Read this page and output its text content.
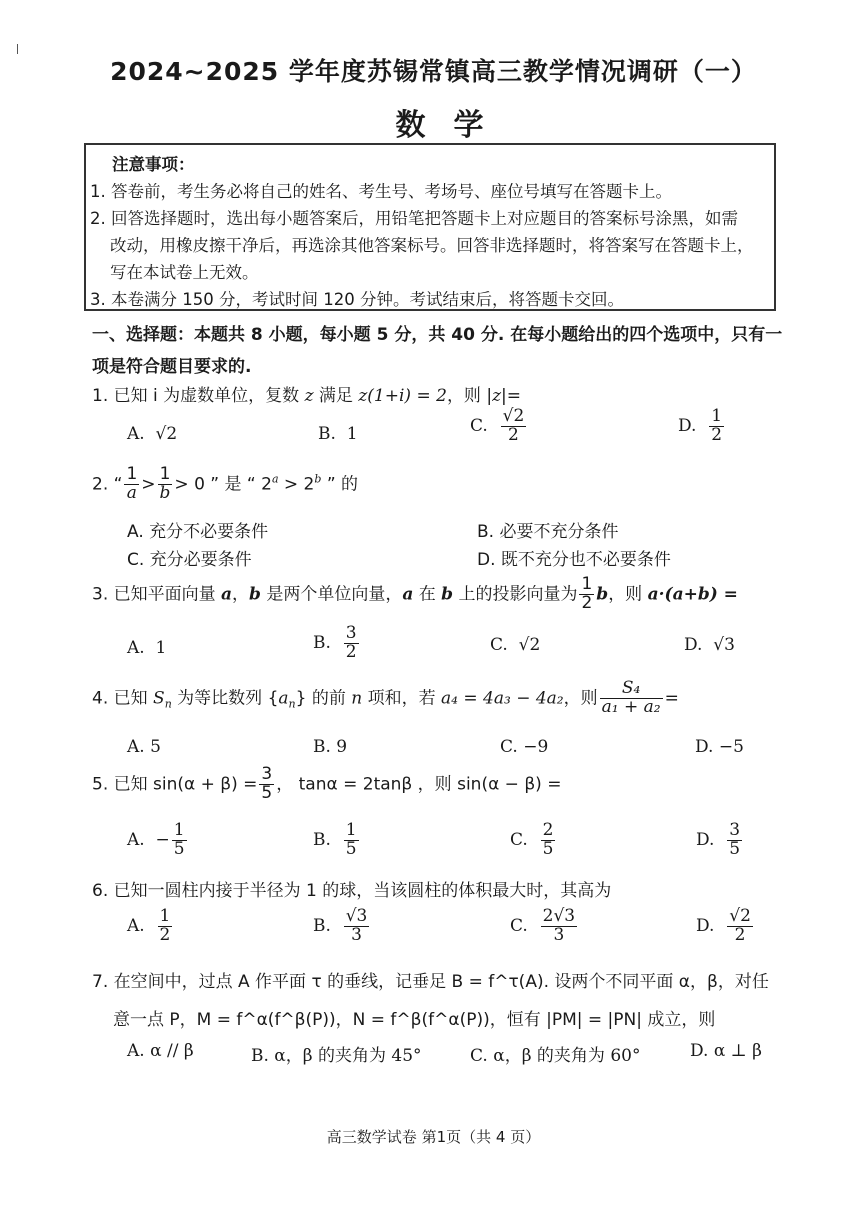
2024~2025 学年度苏锡常镇高三教学情况调研（一）
数学
注意事项：
1. 答卷前，考生务必将自己的姓名、考生号、考场号、座位号填写在答题卡上。
2. 回答选择题时，选出每小题答案后，用铅笔把答题卡上对应题目的答案标号涂黑，如需
改动，用橡皮擦干净后，再选涂其他答案标号。回答非选择题时，将答案写在答题卡上，
写在本试卷上无效。
3. 本卷满分 150 分，考试时间 120 分钟。考试结束后，将答题卡交回。
一、选择题：本题共 8 小题，每小题 5 分，共 40 分. 在每小题给出的四个选项中，只有一
项是符合题目要求的.
1. 已知 i 为虚数单位，复数 z 满足 z(1+i) = 2，则 |z|=
A. √2	B. 1	C. $\frac{√2}{2}$	D. $\frac{1}{2}$
2. “ $\frac{1}{a} > \frac{1}{b} > 0$ ” 是 “ $2^a > 2^b$ ” 的
A. 充分不必要条件	B. 必要不充分条件
C. 充分必要条件	D. 既不充分也不必要条件
3. 已知平面向量 a，b 是两个单位向量，a 在 b 上的投影向量为 $\frac{1}{2}$ b，则 a·(a+b) =
A. 1	B. $\frac{3}{2}$	C. √2	D. √3
4. 已知 $S_n$ 为等比数列 $\{a_n\}$ 的前 n 项和，若 a₄ = 4a₃ − 4a₂，则 $\frac{\text{S₄}}{\text{a₁ + a₂}}$ =
A. 5	B. 9	C. −9	D. −5
5. 已知 $\sin(\alpha + \beta) = \frac{3}{5}$ ， tanα = 2tanβ ，则 sin(α − β) =
A. − $\frac{1}{5}$	B. $\frac{1}{5}$	C. $\frac{2}{5}$	D. $\frac{3}{5}$
6. 已知一圆柱内接于半径为 1 的球，当该圆柱的体积最大时，其高为
A. $\frac{1}{2}$	B. $\frac{√3}{3}$	C. $\frac{2√3}{3}$	D. $\frac{√2}{2}$
7. 在空间中，过点 A 作平面 τ 的垂线，记垂足 B = f^τ(A). 设两个不同平面 α，β，对任
意一点 P，M = f^α(f^β(P))，N = f^β(f^α(P))，恒有 |PM| = |PN| 成立，则
A. α // β	B. α，β 的夹角为 45°	C. α，β 的夹角为 60°	D. α ⊥ β
高三数学试卷 第1页（共 4 页）
